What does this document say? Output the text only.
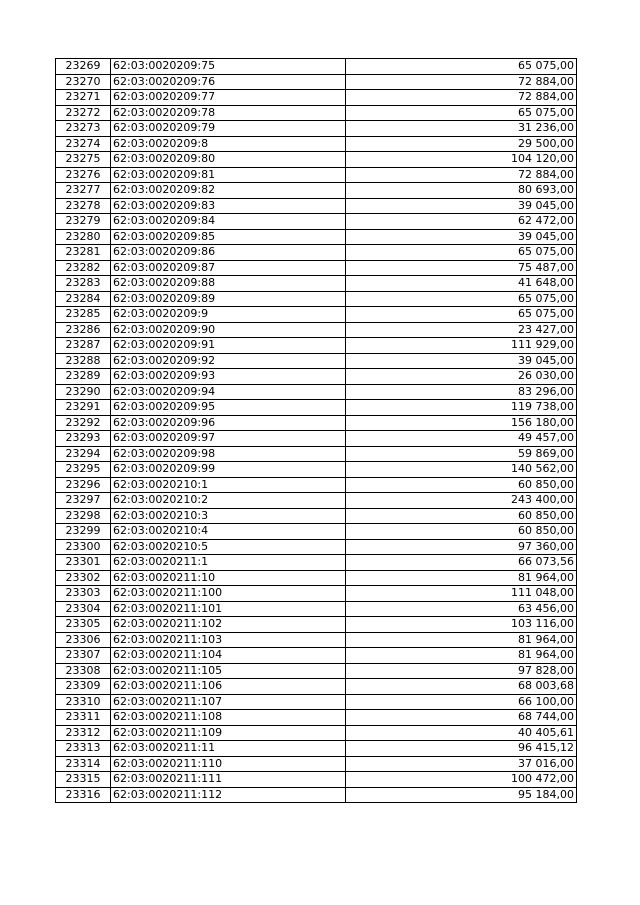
23269	62:03:0020209:75	65 075,00
23270	62:03:0020209:76	72 884,00
23271	62:03:0020209:77	72 884,00
23272	62:03:0020209:78	65 075,00
23273	62:03:0020209:79	31 236,00
23274	62:03:0020209:8	29 500,00
23275	62:03:0020209:80	104 120,00
23276	62:03:0020209:81	72 884,00
23277	62:03:0020209:82	80 693,00
23278	62:03:0020209:83	39 045,00
23279	62:03:0020209:84	62 472,00
23280	62:03:0020209:85	39 045,00
23281	62:03:0020209:86	65 075,00
23282	62:03:0020209:87	75 487,00
23283	62:03:0020209:88	41 648,00
23284	62:03:0020209:89	65 075,00
23285	62:03:0020209:9	65 075,00
23286	62:03:0020209:90	23 427,00
23287	62:03:0020209:91	111 929,00
23288	62:03:0020209:92	39 045,00
23289	62:03:0020209:93	26 030,00
23290	62:03:0020209:94	83 296,00
23291	62:03:0020209:95	119 738,00
23292	62:03:0020209:96	156 180,00
23293	62:03:0020209:97	49 457,00
23294	62:03:0020209:98	59 869,00
23295	62:03:0020209:99	140 562,00
23296	62:03:0020210:1	60 850,00
23297	62:03:0020210:2	243 400,00
23298	62:03:0020210:3	60 850,00
23299	62:03:0020210:4	60 850,00
23300	62:03:0020210:5	97 360,00
23301	62:03:0020211:1	66 073,56
23302	62:03:0020211:10	81 964,00
23303	62:03:0020211:100	111 048,00
23304	62:03:0020211:101	63 456,00
23305	62:03:0020211:102	103 116,00
23306	62:03:0020211:103	81 964,00
23307	62:03:0020211:104	81 964,00
23308	62:03:0020211:105	97 828,00
23309	62:03:0020211:106	68 003,68
23310	62:03:0020211:107	66 100,00
23311	62:03:0020211:108	68 744,00
23312	62:03:0020211:109	40 405,61
23313	62:03:0020211:11	96 415,12
23314	62:03:0020211:110	37 016,00
23315	62:03:0020211:111	100 472,00
23316	62:03:0020211:112	95 184,00
